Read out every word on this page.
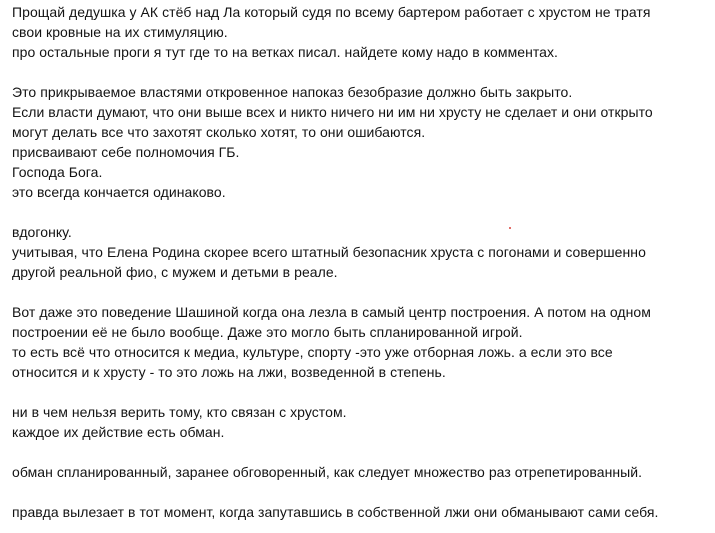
Прощай дедушка у АК стёб над Ла который судя по всему бартером работает с хрустом не тратя
свои кровные на их стимуляцию.
про остальные проги я тут где то на ветках писал. найдете кому надо в комментах.
Это прикрываемое властями откровенное напоказ безобразие должно быть закрыто.
Если власти думают, что они выше всех и никто ничего ни им ни хрусту не сделает и они открыто
могут делать все что захотят сколько хотят, то они ошибаются.
присваивают себе полномочия ГБ.
Господа Бога.
это всегда кончается одинаково.
вдогонку.
учитывая, что Елена Родина скорее всего штатный безопасник хруста с погонами и совершенно
другой реальной фио, с мужем и детьми в реале.
Вот даже это поведение Шашиной когда она лезла в самый центр построения. А потом на одном
построении её не было вообще. Даже это могло быть спланированной игрой.
то есть всё что относится к медиа, культуре, спорту -это уже отборная ложь. а если это все
относится и к хрусту - то это ложь на лжи, возведенной в степень.
ни в чем нельзя верить тому, кто связан с хрустом.
каждое их действие есть обман.
обман спланированный, заранее обговоренный, как следует множество раз отрепетированный.
правда вылезает в тот момент, когда запутавшись в собственной лжи они обманывают сами себя.
